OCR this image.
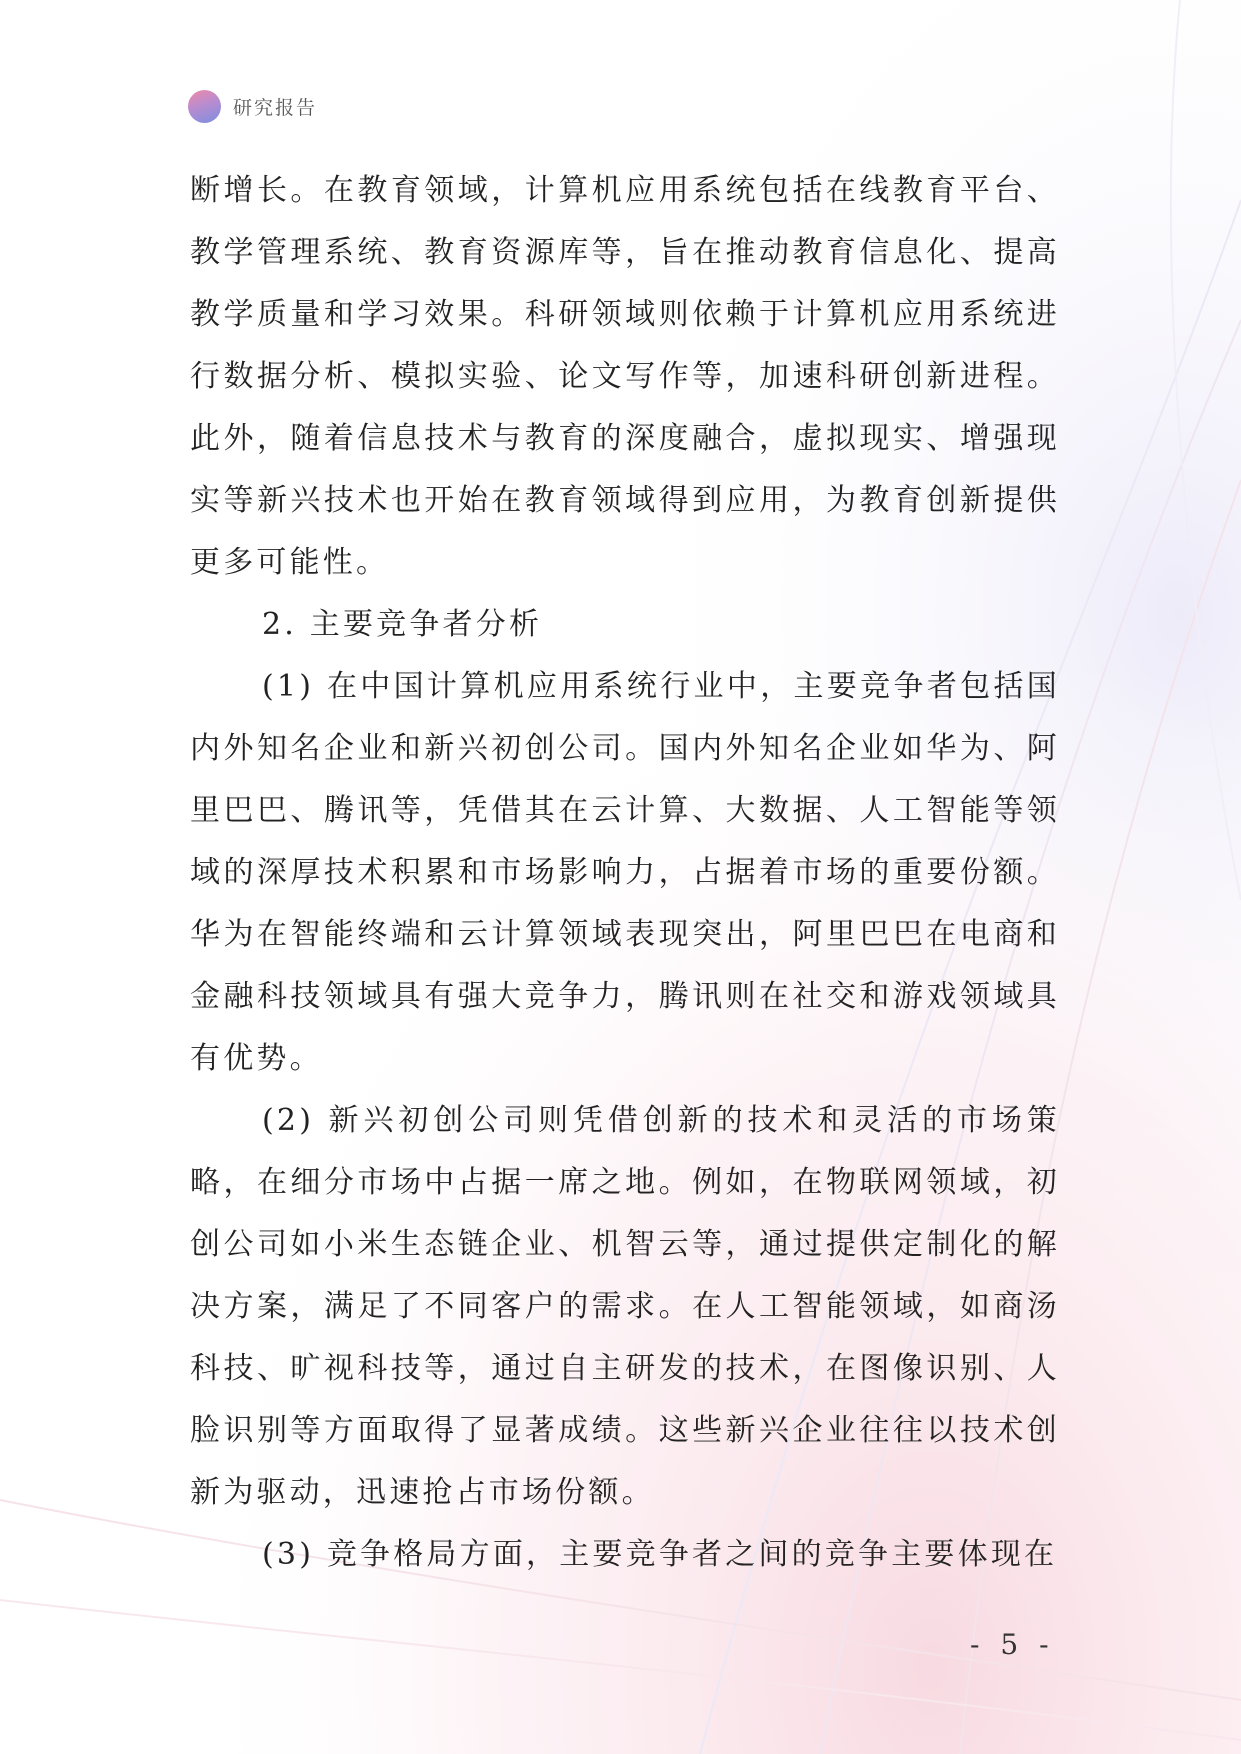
研究报告

断增长。在教育领域，计算机应用系统包括在线教育平台、教学管理系统、教育资源库等，旨在推动教育信息化、提高教学质量和学习效果。科研领域则依赖于计算机应用系统进行数据分析、模拟实验、论文写作等，加速科研创新进程。此外，随着信息技术与教育的深度融合，虚拟现实、增强现实等新兴技术也开始在教育领域得到应用，为教育创新提供更多可能性。

2. 主要竞争者分析

(1) 在中国计算机应用系统行业中，主要竞争者包括国内外知名企业和新兴初创公司。国内外知名企业如华为、阿里巴巴、腾讯等，凭借其在云计算、大数据、人工智能等领域的深厚技术积累和市场影响力，占据着市场的重要份额。华为在智能终端和云计算领域表现突出，阿里巴巴在电商和金融科技领域具有强大竞争力，腾讯则在社交和游戏领域具有优势。

(2) 新兴初创公司则凭借创新的技术和灵活的市场策略，在细分市场中占据一席之地。例如，在物联网领域，初创公司如小米生态链企业、机智云等，通过提供定制化的解决方案，满足了不同客户的需求。在人工智能领域，如商汤科技、旷视科技等，通过自主研发的技术，在图像识别、人脸识别等方面取得了显著成绩。这些新兴企业往往以技术创新为驱动，迅速抢占市场份额。

(3) 竞争格局方面，主要竞争者之间的竞争主要体现在

- 5 -
